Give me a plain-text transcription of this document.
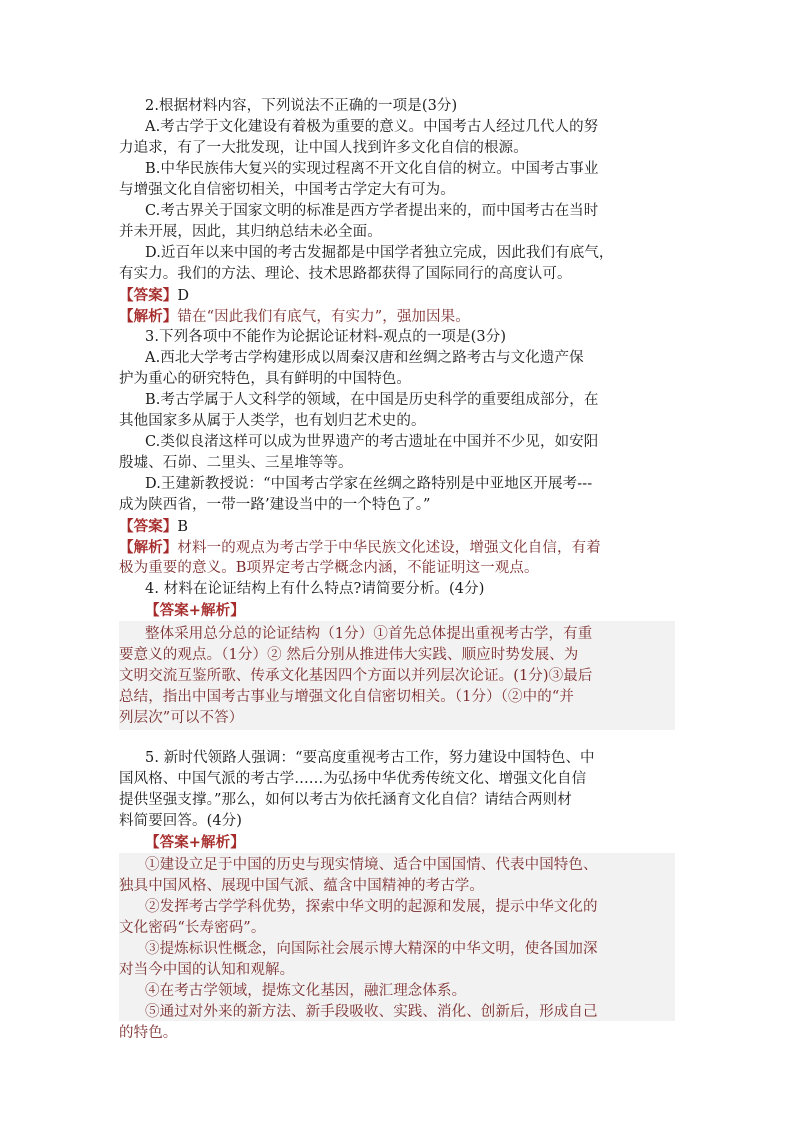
2.根据材料内容，下列说法不正确的一项是(3分)
A.考古学于文化建设有着极为重要的意义。中国考古人经过几代人的努
力追求，有了一大批发现，让中国人找到许多文化自信的根源。
B.中华民族伟大复兴的实现过程离不开文化自信的树立。中国考古事业
与增强文化自信密切相关，中国考古学定大有可为。
C.考古界关于国家文明的标准是西方学者提出来的，而中国考古在当时
并未开展，因此，其归纳总结未必全面。
D.近百年以来中国的考古发掘都是中国学者独立完成，因此我们有底气，
有实力。我们的方法、理论、技术思路都获得了国际同行的高度认可。
【答案】D
【解析】错在“因此我们有底气，有实力”，强加因果。
3.下列各项中不能作为论据论证材料-观点的一项是(3分)
A.西北大学考古学构建形成以周秦汉唐和丝绸之路考古与文化遗产保
护为重心的研究特色，具有鲜明的中国特色。
B.考古学属于人文科学的领域，在中国是历史科学的重要组成部分，在
其他国家多从属于人类学，也有划归艺术史的。
C.类似良渚这样可以成为世界遗产的考古遗址在中国并不少见，如安阳
殷墟、石峁、二里头、三星堆等等。
D.王建新教授说：“中国考古学家在丝绸之路特别是中亚地区开展考---
成为陕西省，一带一路’建设当中的一个特色了。”
【答案】B
【解析】材料一的观点为考古学于中华民族文化述设，增强文化自信，有着
极为重要的意义。B项界定考古学概念内涵，不能证明这一观点。
4. 材料在论证结构上有什么特点?请简要分析。(4分)
【答案+解析】
整体采用总分总的论证结构（1分）①首先总体提出重视考古学，有重
要意义的观点。（1分）② 然后分别从推进伟大实践、顺应时势发展、为
文明交流互鉴所歌、传承文化基因四个方面以并列层次论证。(1分)③最后
总结，指出中国考古事业与增强文化自信密切相关。（1分）（②中的“并
列层次”可以不答）
5. 新时代领路人强调：“要高度重视考古工作，努力建设中国特色、中
国风格、中国气派的考古学……为弘扬中华优秀传统文化、增强文化自信
提供坚强支撑。”那么，如何以考古为依托涵育文化自信？请结合两则材
料简要回答。(4分)
【答案+解析】
①建设立足于中国的历史与现实情境、适合中国国情、代表中国特色、
独具中国风格、展现中国气派、蕴含中国精神的考古学。
②发挥考古学学科优势，探索中华文明的起源和发展，提示中华文化的
文化密码“长寿密码”。
③提炼标识性概念，向国际社会展示博大精深的中华文明，使各国加深
对当今中国的认知和观解。
④在考古学领域，提炼文化基因，融汇理念体系。
⑤通过对外来的新方法、新手段吸收、实践、消化、创新后，形成自己
的特色。
